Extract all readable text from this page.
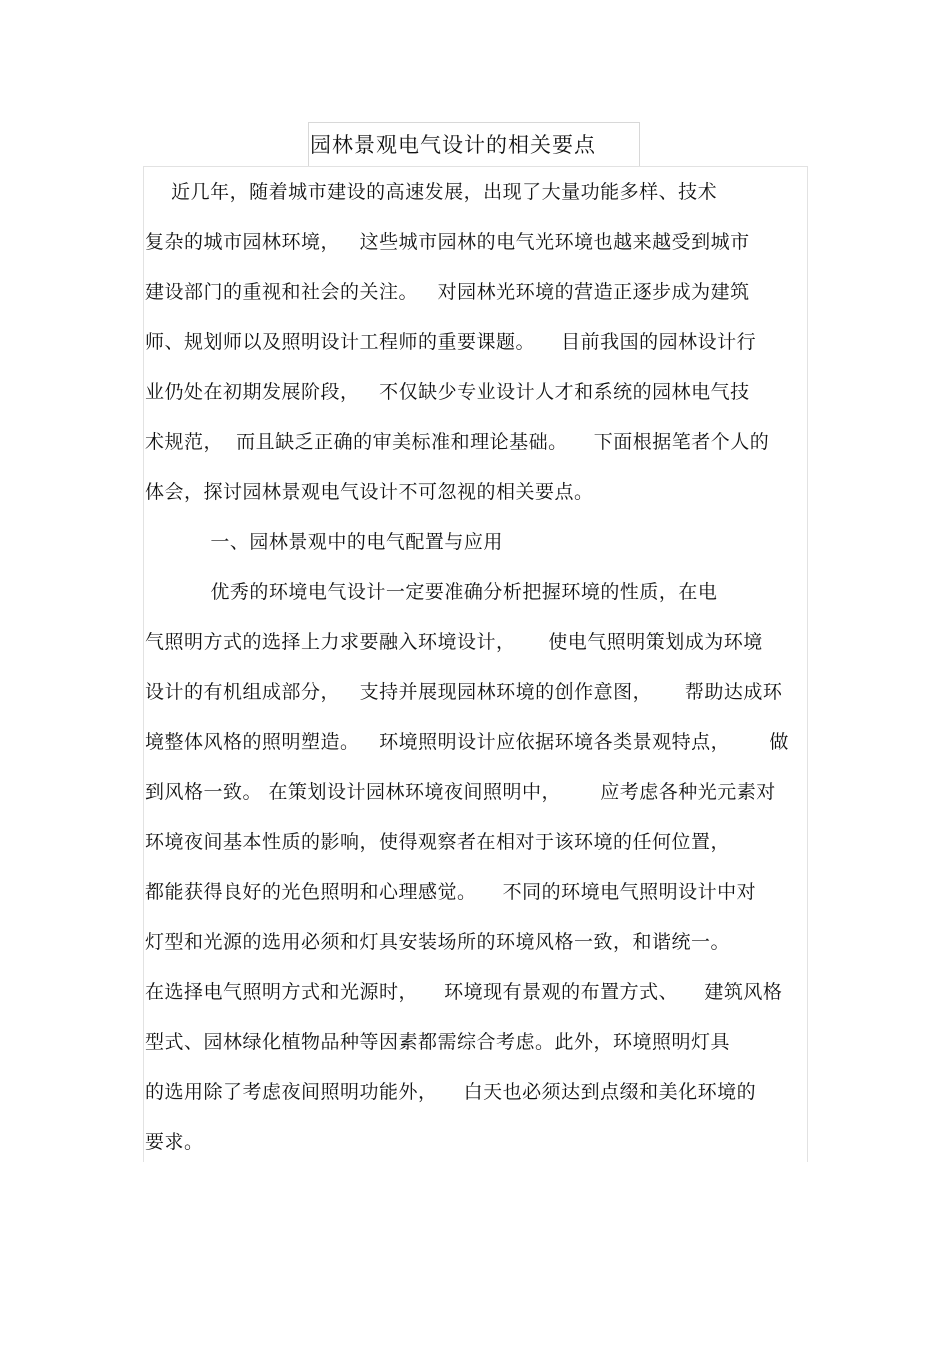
园林景观电气设计的相关要点
近几年，随着城市建设的高速发展，出现了大量功能多样、技术
复杂的城市园林环境，   这些城市园林的电气光环境也越来越受到城市
建设部门的重视和社会的关注。   对园林光环境的营造正逐步成为建筑
师、规划师以及照明设计工程师的重要课题。    目前我国的园林设计行
业仍处在初期发展阶段，   不仅缺少专业设计人才和系统的园林电气技
术规范，  而且缺乏正确的审美标准和理论基础。    下面根据笔者个人的
体会，探讨园林景观电气设计不可忽视的相关要点。
一、园林景观中的电气配置与应用
优秀的环境电气设计一定要准确分析把握环境的性质，在电
气照明方式的选择上力求要融入环境设计，     使电气照明策划成为环境
设计的有机组成部分，   支持并展现园林环境的创作意图，     帮助达成环
境整体风格的照明塑造。   环境照明设计应依据环境各类景观特点，      做
到风格一致。 在策划设计园林环境夜间照明中，      应考虑各种光元素对
环境夜间基本性质的影响，使得观察者在相对于该环境的任何位置，
都能获得良好的光色照明和心理感觉。    不同的环境电气照明设计中对
灯型和光源的选用必须和灯具安装场所的环境风格一致，和谐统一。
在选择电气照明方式和光源时，    环境现有景观的布置方式、    建筑风格
型式、园林绿化植物品种等因素都需综合考虑。此外，环境照明灯具
的选用除了考虑夜间照明功能外，    白天也必须达到点缀和美化环境的
要求。
